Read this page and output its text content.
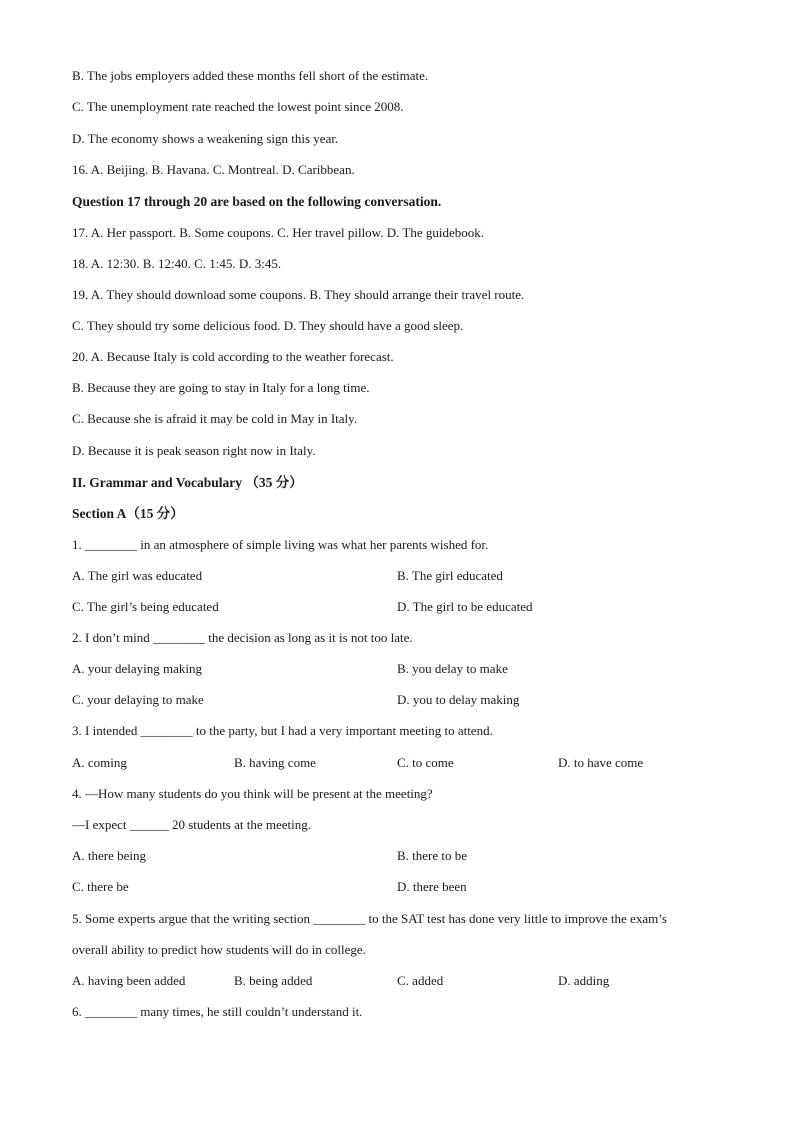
B. The jobs employers added these months fell short of the estimate.
C. The unemployment rate reached the lowest point since 2008.
D. The economy shows a weakening sign this year.
16. A. Beijing. B. Havana. C. Montreal. D. Caribbean.
Question 17 through 20 are based on the following conversation.
17. A. Her passport. B. Some coupons. C. Her travel pillow. D. The guidebook.
18. A. 12:30. B. 12:40. C. 1:45. D. 3:45.
19. A. They should download some coupons. B. They should arrange their travel route.
C. They should try some delicious food. D. They should have a good sleep.
20. A. Because Italy is cold according to the weather forecast.
B. Because they are going to stay in Italy for a long time.
C. Because she is afraid it may be cold in May in Italy.
D. Because it is peak season right now in Italy.
II. Grammar and Vocabulary （35 分）
Section A（15 分）
1. ________ in an atmosphere of simple living was what her parents wished for.
A. The girl was educated	B. The girl educated
C. The girl’s being educated	D. The girl to be educated
2. I don’t mind ________ the decision as long as it is not too late.
A. your delaying making	B. you delay to make
C. your delaying to make	D. you to delay making
3. I intended ________ to the party, but I had a very important meeting to attend.
A. coming	B. having come	C. to come	D. to have come
4. —How many students do you think will be present at the meeting?
—I expect ______ 20 students at the meeting.
A. there being	B. there to be
C. there be	D. there been
5. Some experts argue that the writing section ________ to the SAT test has done very little to improve the exam’s
overall ability to predict how students will do in college.
A. having been added	B. being added	C. added	D. adding
6. ________ many times, he still couldn’t understand it.
